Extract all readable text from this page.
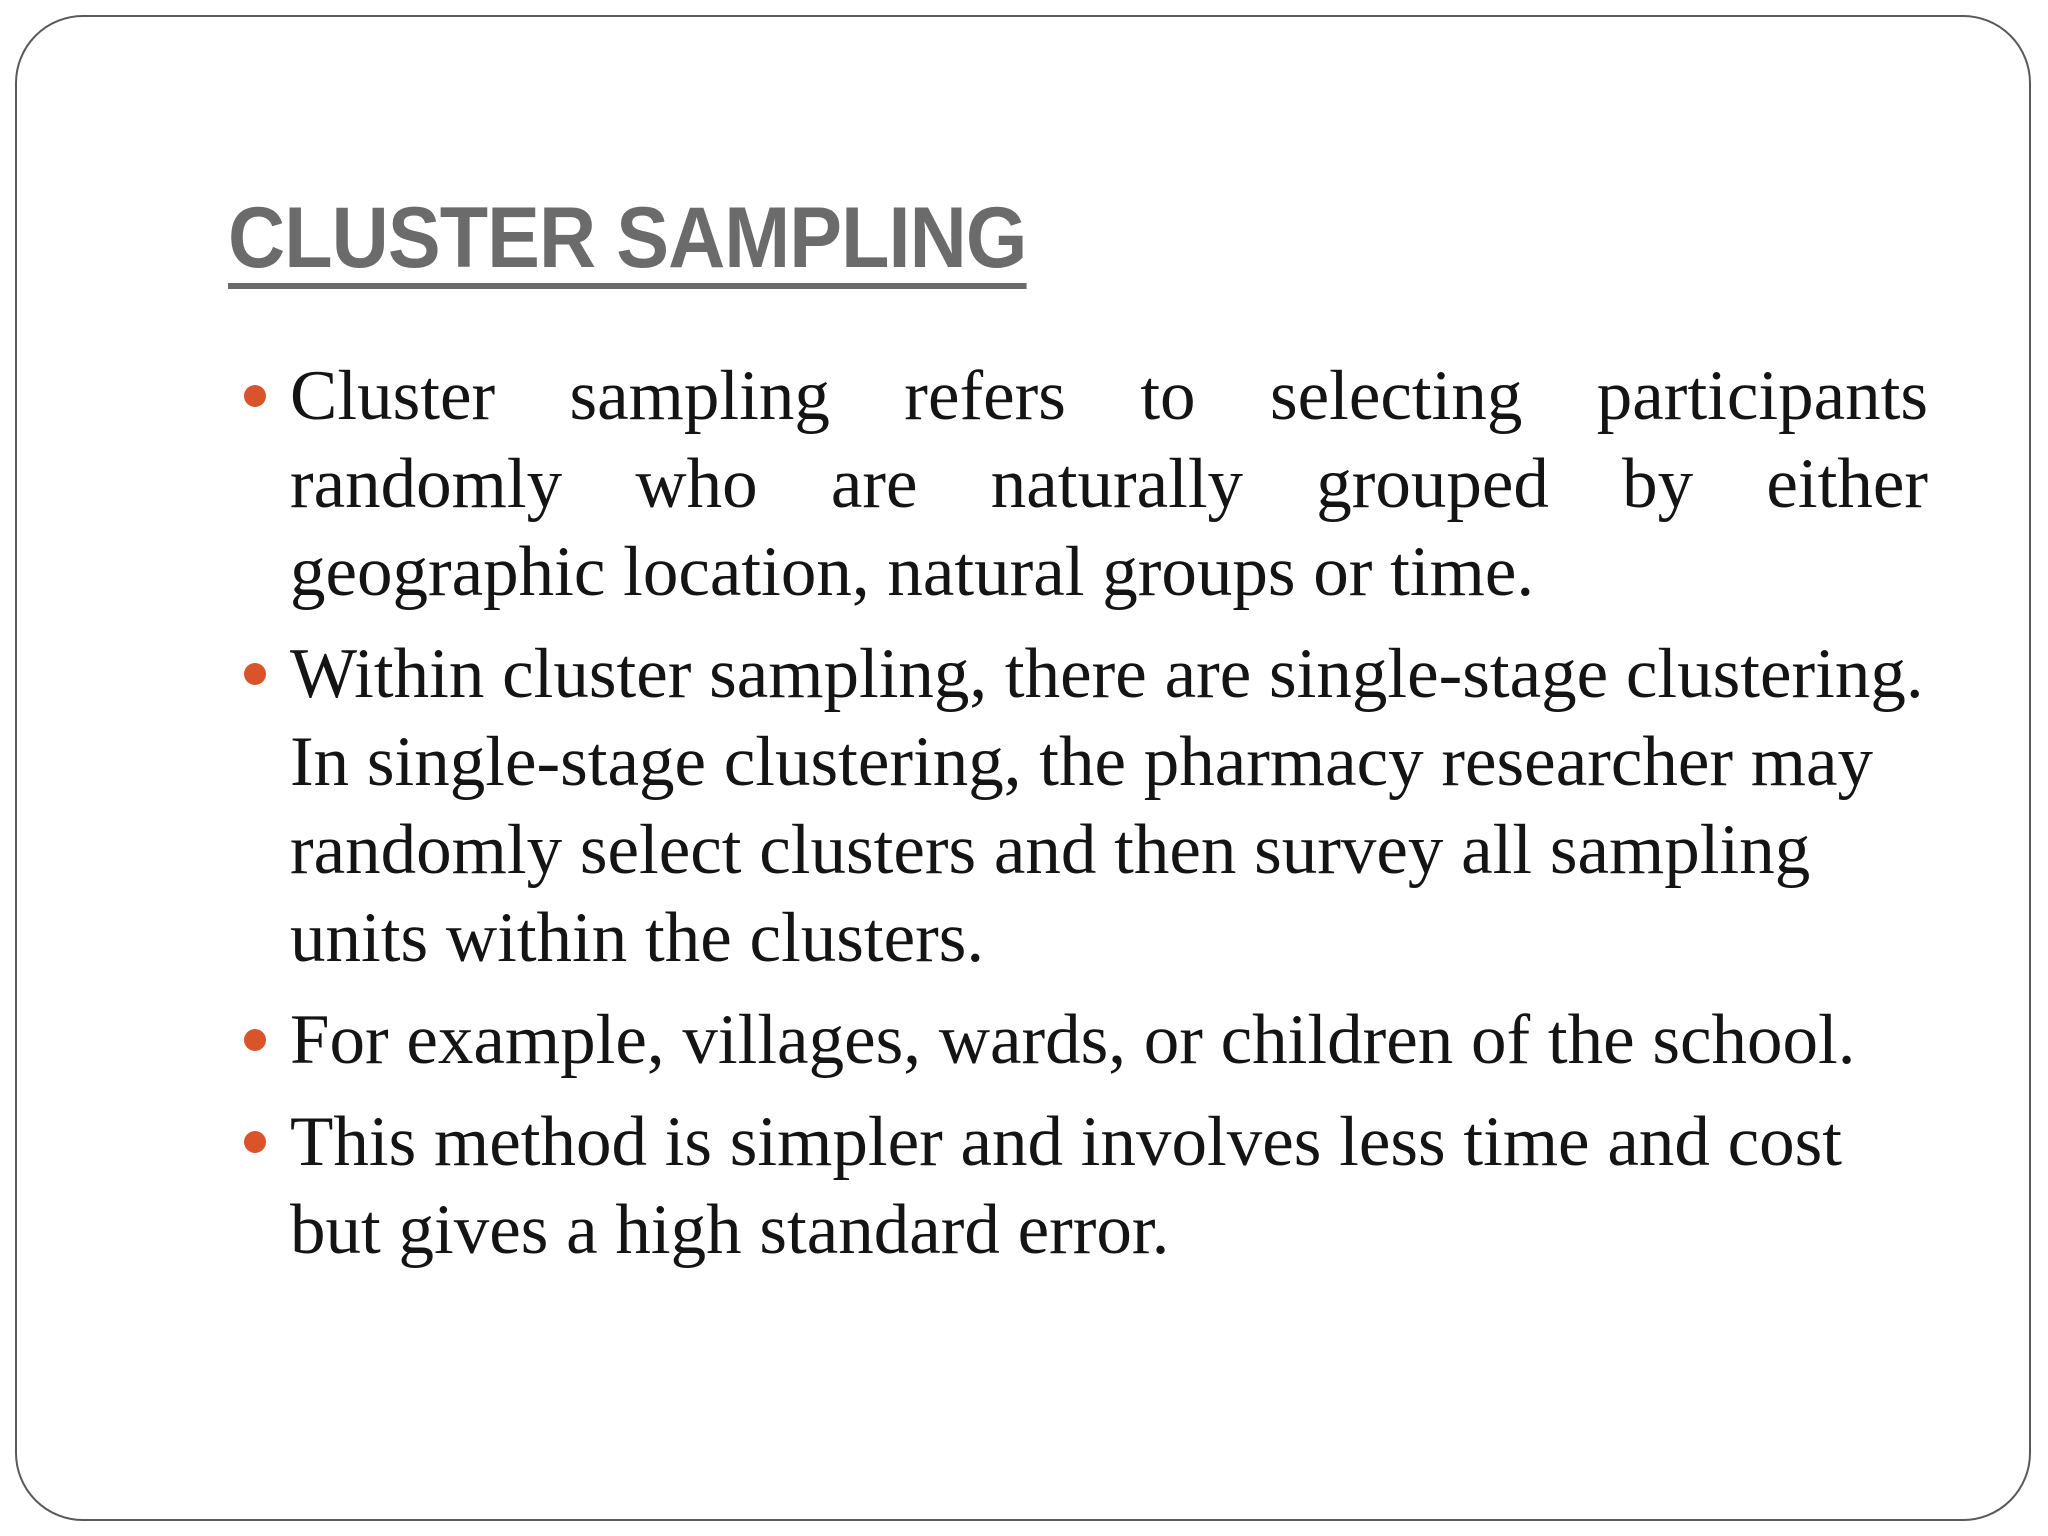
CLUSTER SAMPLING
Cluster sampling refers to selecting participants randomly who are naturally grouped by either geographic location, natural groups or time.
Within cluster sampling, there are single-stage clustering. In single-stage clustering, the pharmacy researcher may randomly select clusters and then survey all sampling units within the clusters.
For example, villages, wards, or children of the school.
This method is simpler and involves less time and cost but gives a high standard error.
